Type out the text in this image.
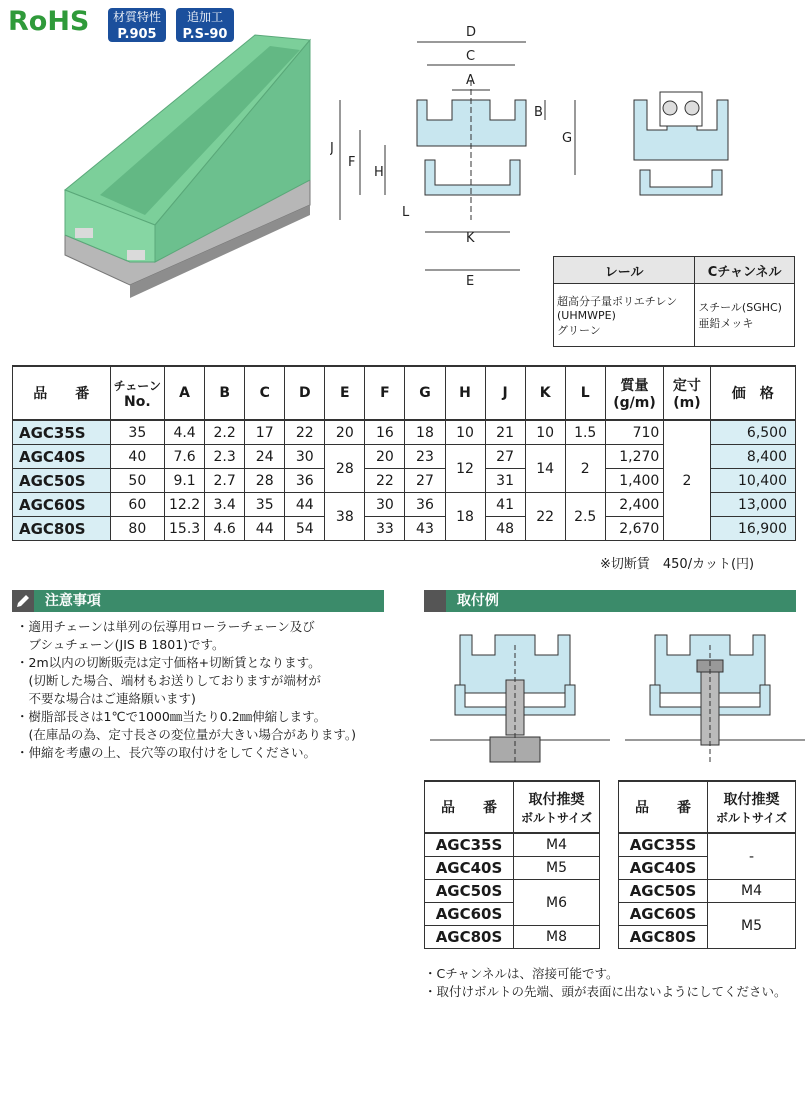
RoHS	材質特性
P.905
追加工
P.S-90	D
C
A
B
G
J
F
H
L
K
E
レール	Cチャンネル
超高分子量ポリエチレン
(UHMWPE)
グリーン	スチール(SGHC)
亜鉛メッキ
品　　番	チェーン
No.	A	B	C	D	E	F	G	H	J	K	L	質量
(g/m)	定寸
(m)	価　格
AGC35S	35	4.4	2.2	17	22	20	16	18	10	21	10	1.5	710	2	6,500
AGC40S	40	7.6	2.3	24	30	28	20	23	12	27	14	2	1,270		8,400
AGC50S	50	9.1	2.7	28	36		22	27		31			1,400		10,400
AGC60S	60	12.2	3.4	35	44	38	30	36	18	41	22	2.5	2,400		13,000
AGC80S	80	15.3	4.6	44	54		33	43		48			2,670		16,900
※切断賃　450/カット(円)
注意事項
・適用チェーンは単列の伝導用ローラーチェーン及び
　ブシュチェーン(JIS B 1801)です。
・2m以内の切断販売は定寸価格+切断賃となります。
　(切断した場合、端材もお送りしておりますが端材が
　不要な場合はご連絡願います)
・樹脂部長さは1℃で1000㎜当たり0.2㎜伸縮します。
　(在庫品の為、定寸長さの変位量が大きい場合があります。)
・伸縮を考慮の上、長穴等の取付けをしてください。
取付例
品　　番	取付推奨
ボルトサイズ
AGC35S	M4
AGC40S	M5
AGC50S	M6
AGC60S	
AGC80S	M8
品　　番	取付推奨
ボルトサイズ
AGC35S	-
AGC40S	
AGC50S	M4
AGC60S	M5
AGC80S	
・Cチャンネルは、溶接可能です。
・取付けボルトの先端、頭が表面に出ないようにしてください。
